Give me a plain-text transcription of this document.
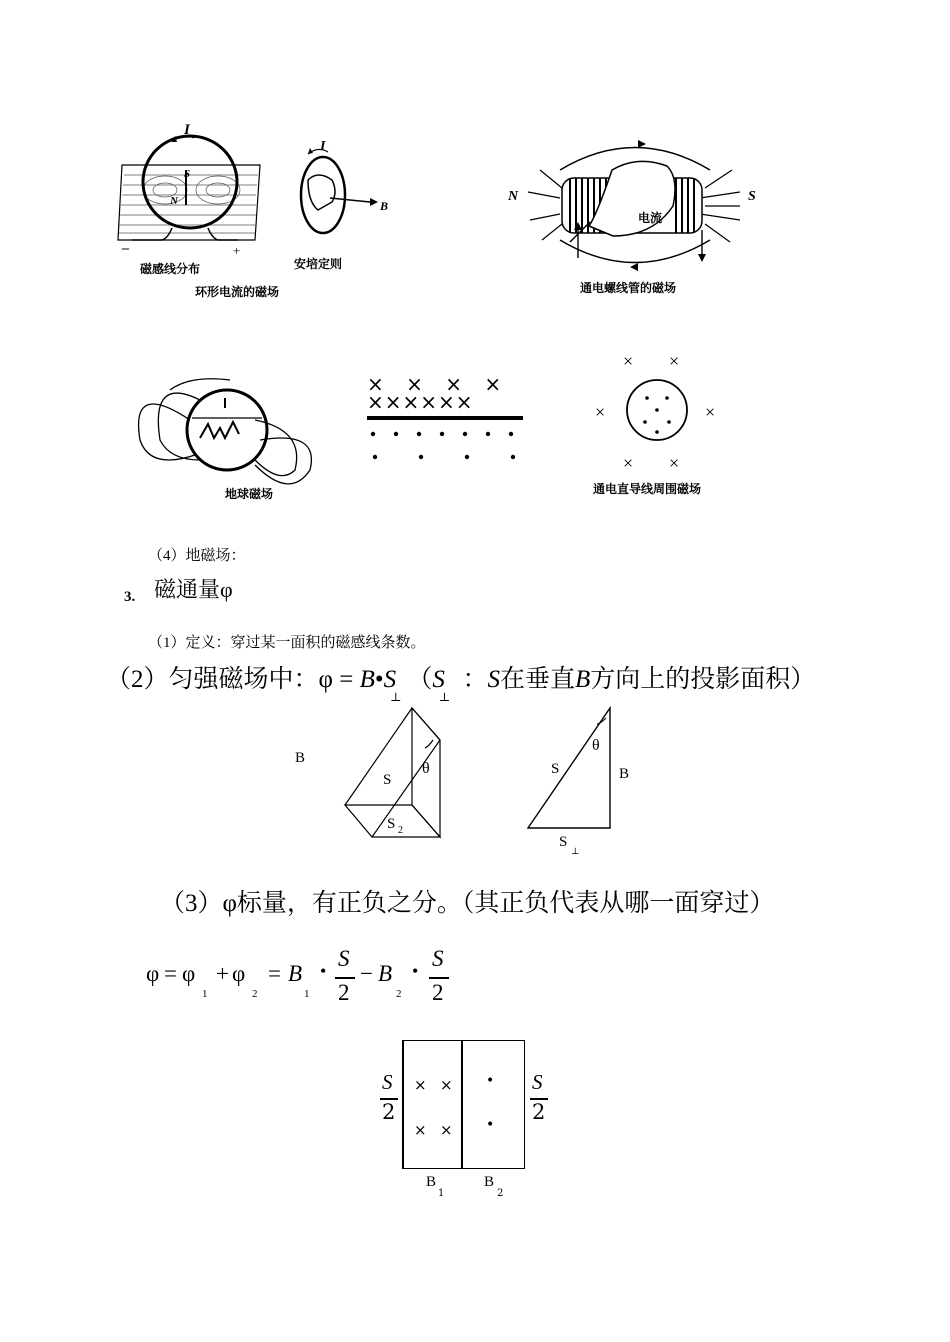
I
S
N
–	+
I
B
磁感线分布	安培定则
环形电流的磁场
N	S
电流
通电螺线管的磁场
地球磁场
× × × ×
××××××
× ×
×	×
× ×
通电直导线周围磁场
（4）地磁场：
3. 磁通量φ
（1）定义：穿过某一面积的磁感线条数。
（2）匀强磁场中：$\varphi = B•S_\perp(S_\perp$ ：S在垂直B方向上的投影面积）
B
S
θ
S 2
S
θ
B
S
⊥
（3）φ标量，有正负之分。（其正负代表从哪一面穿过）
φ = φ
1
+ φ
2
= B
1
• S
2
− B
2
• S
2
S
2
S
2
× ×
× ×
•
•
B
1
B
2
